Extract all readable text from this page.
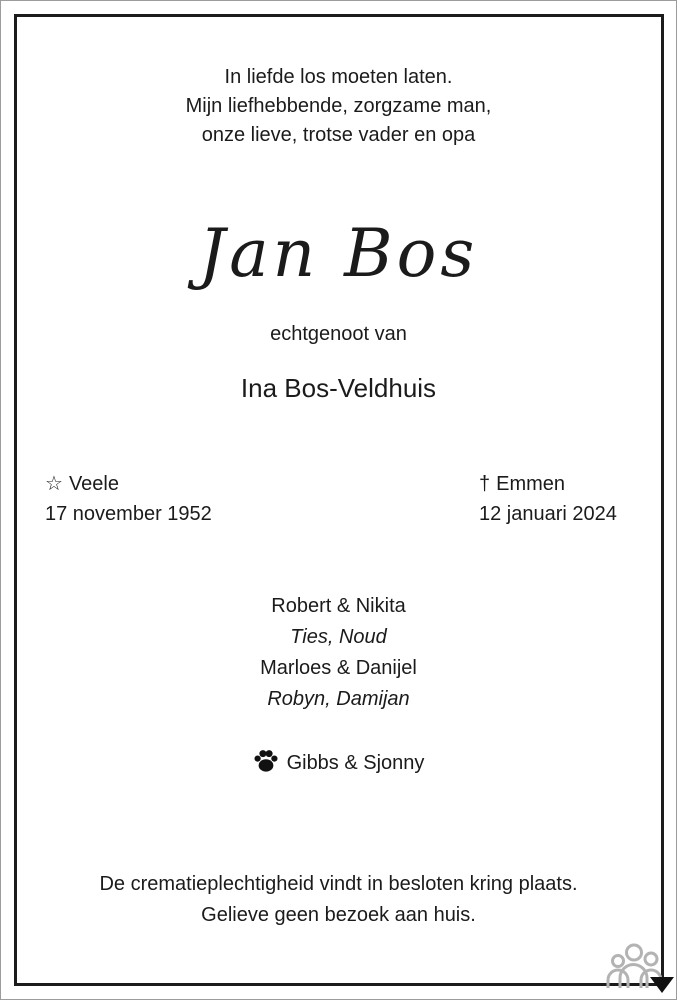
In liefde los moeten laten.
Mijn liefhebbende, zorgzame man,
onze lieve, trotse vader en opa
Jan Bos
echtgenoot van
Ina Bos-Veldhuis
☆ Veele
17 november 1952
† Emmen
12 januari 2024
Robert & Nikita
Ties, Noud
Marloes & Danijel
Robyn, Damijan
Gibbs & Sjonny
De crematieplechtigheid vindt in besloten kring plaats.
Gelieve geen bezoek aan huis.
